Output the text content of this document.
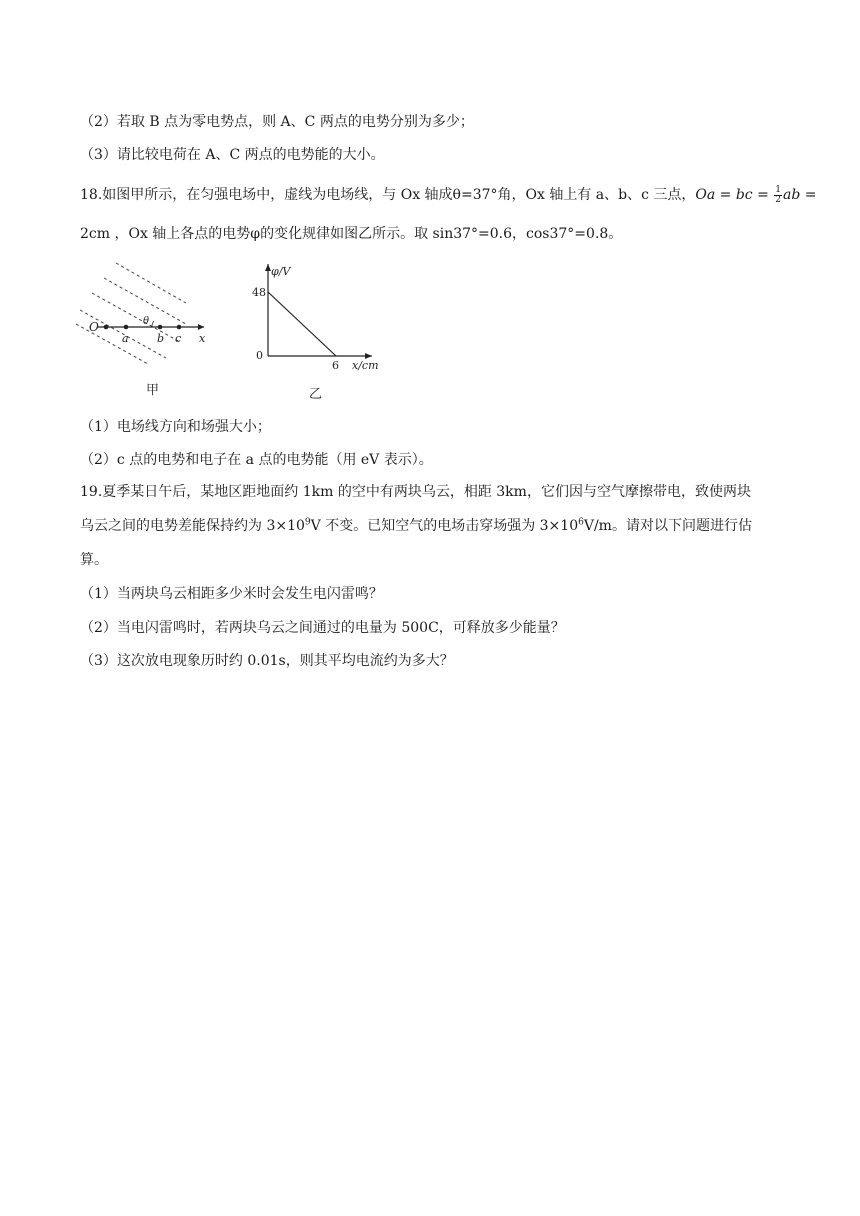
（2）若取 B 点为零电势点，则 A、C 两点的电势分别为多少；
（3）请比较电荷在 A、C 两点的电势能的大小。
18.如图甲所示，在匀强电场中，虚线为电场线，与 Ox 轴成θ=37°角，Ox 轴上有 a、b、c 三点，Oa = bc = $\frac{1}{2}$ ab =
2cm ，Ox 轴上各点的电势φ的变化规律如图乙所示。取 sin37°=0.6，cos37°=0.8。
O
a	b c x
θ
甲
φ/V
48
0
6 x/cm
乙
（1）电场线方向和场强大小；
（2）c 点的电势和电子在 a 点的电势能（用 eV 表示）。
19.夏季某日午后，某地区距地面约 1km 的空中有两块乌云，相距 3km，它们因与空气摩擦带电，致使两块
乌云之间的电势差能保持约为 $3\times 10^9V$ 不变。已知空气的电场击穿场强为 $3\times 10^6V/m$。请对以下问题进行估
算。
（1）当两块乌云相距多少米时会发生电闪雷鸣？
（2）当电闪雷鸣时，若两块乌云之间通过的电量为 500C，可释放多少能量？
（3）这次放电现象历时约 0.01s，则其平均电流约为多大？
